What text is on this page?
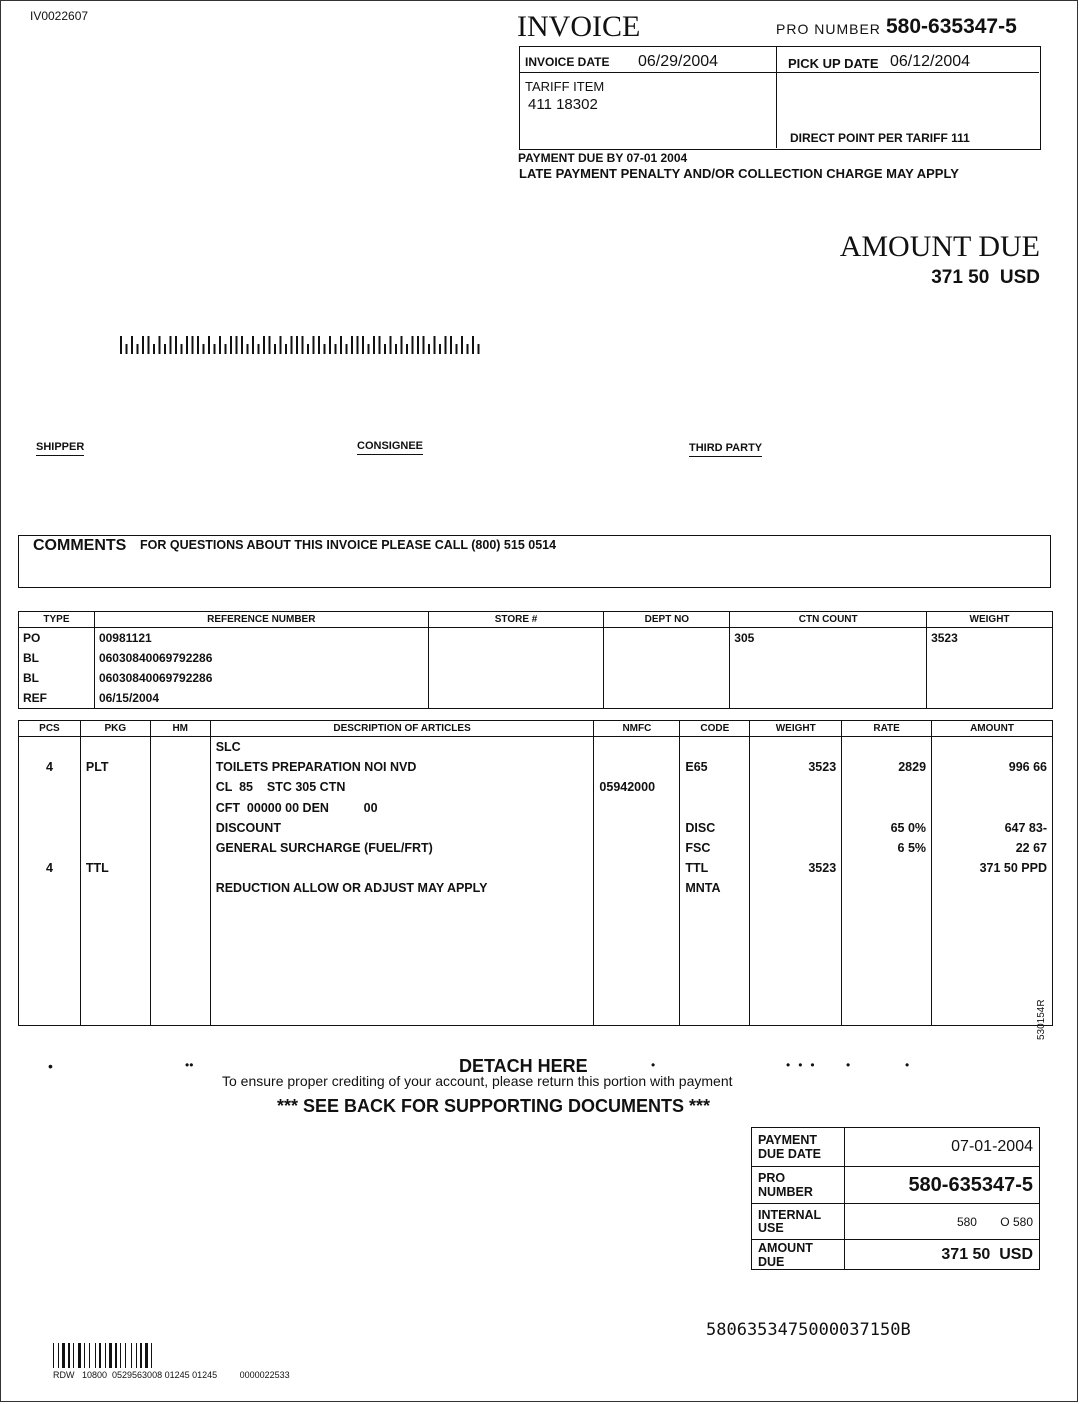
IV0022607	INVOICE	PRO NUMBER 580-635347-5
INVOICE DATE 06/29/2004	PICK UP DATE 06/12/2004
TARIFF ITEM
411 18302
DIRECT POINT PER TARIFF 111
PAYMENT DUE BY 07-01 2004
LATE PAYMENT PENALTY AND/OR COLLECTION CHARGE MAY APPLY
AMOUNT DUE
371 50 USD
SHIPPER	CONSIGNEE	THIRD PARTY
COMMENTS FOR QUESTIONS ABOUT THIS INVOICE PLEASE CALL (800) 515 0514
TYPE	REFERENCE NUMBER	STORE #	DEPT NO	CTN COUNT	WEIGHT
PO	00981121			305	3523
BL	06030840069792286				
BL	06030840069792286				
REF	06/15/2004				
PCS	PKG	HM	DESCRIPTION OF ARTICLES	NMFC	CODE	WEIGHT	RATE	AMOUNT
			SLC					
4	PLT		TOILETS PREPARATION NOI NVD		E65	3523	2829	996 66
			CL  85    STC 305 CTN	05942000				
			CFT  00000 00 DEN          00					
			DISCOUNT		DISC		65 0%	647 83-
			GENERAL SURCHARGE (FUEL/FRT)		FSC		6 5%	22 67
4	TTL				TTL	3523		371 50 PPD
			REDUCTION ALLOW OR ADJUST MAY APPLY		MNTA			

530154R
•	••	•	••• •	•
DETACH HERE
To ensure proper crediting of your account, please return this portion with payment
*** SEE BACK FOR SUPPORTING DOCUMENTS ***
PAYMENT DUE DATE	07-01-2004
PRO NUMBER	580-635347-5
INTERNAL USE	580       O 580
AMOUNT DUE	371 50 USD
5806353475000037150B
RDW   10800  0529563008 01245 01245         0000022533
